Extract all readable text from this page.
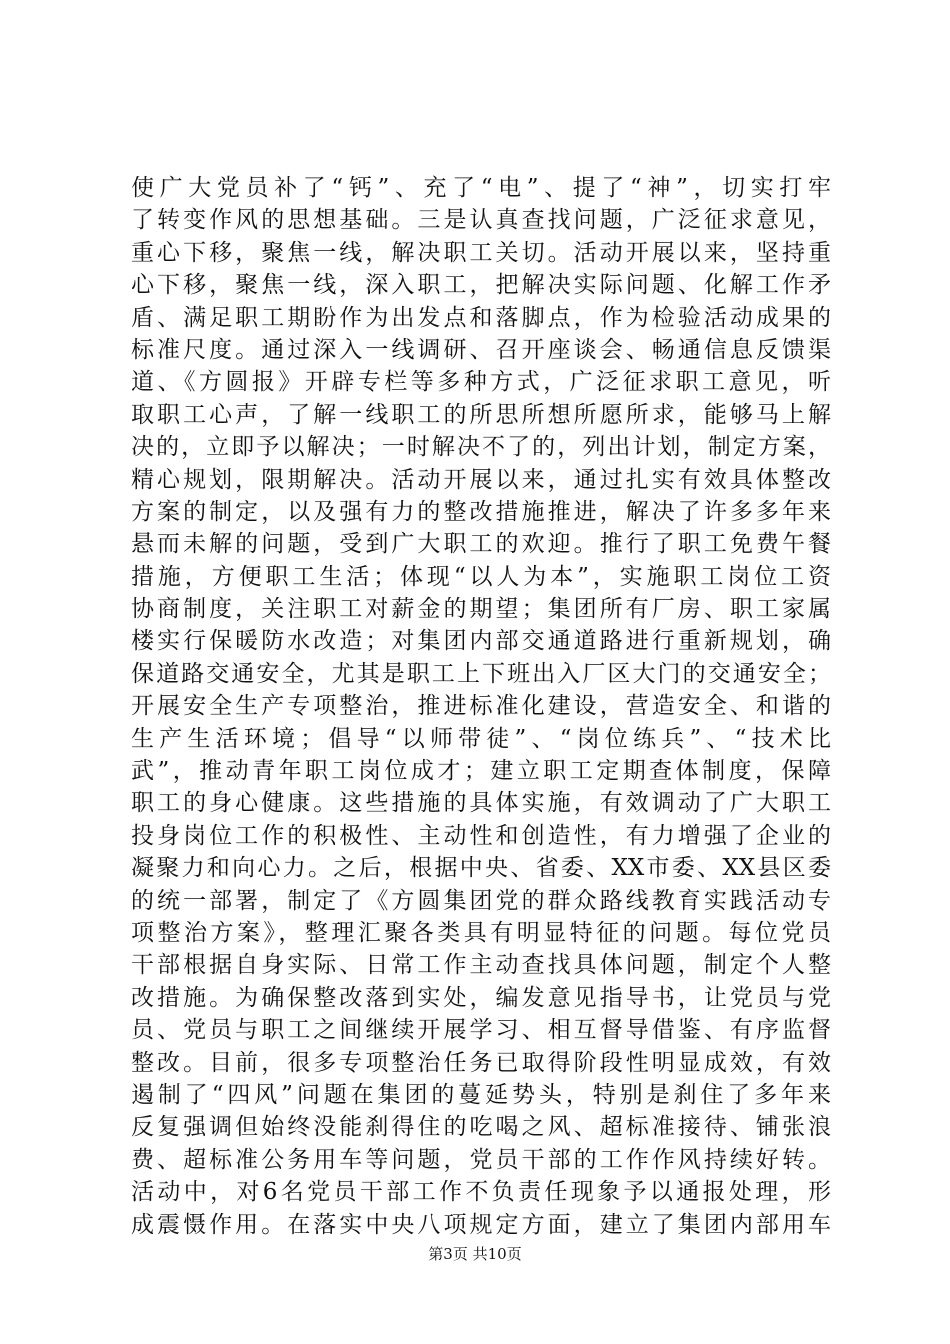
使广大党员补了“钙”、充了“电”、提了“神”，切实打牢
了转变作风的思想基础。三是认真查找问题，广泛征求意见，
重心下移，聚焦一线，解决职工关切。活动开展以来，坚持重
心下移，聚焦一线，深入职工，把解决实际问题、化解工作矛
盾、满足职工期盼作为出发点和落脚点，作为检验活动成果的
标准尺度。通过深入一线调研、召开座谈会、畅通信息反馈渠
道、《方圆报》开辟专栏等多种方式，广泛征求职工意见，听
取职工心声，了解一线职工的所思所想所愿所求，能够马上解
决的，立即予以解决；一时解决不了的，列出计划，制定方案，
精心规划，限期解决。活动开展以来，通过扎实有效具体整改
方案的制定，以及强有力的整改措施推进，解决了许多多年来
悬而未解的问题，受到广大职工的欢迎。推行了职工免费午餐
措施，方便职工生活；体现“以人为本”，实施职工岗位工资
协商制度，关注职工对薪金的期望；集团所有厂房、职工家属
楼实行保暖防水改造；对集团内部交通道路进行重新规划，确
保道路交通安全，尤其是职工上下班出入厂区大门的交通安全；
开展安全生产专项整治，推进标准化建设，营造安全、和谐的
生产生活环境；倡导“以师带徒”、“岗位练兵”、“技术比
武”，推动青年职工岗位成才；建立职工定期查体制度，保障
职工的身心健康。这些措施的具体实施，有效调动了广大职工
投身岗位工作的积极性、主动性和创造性，有力增强了企业的
凝聚力和向心力。之后，根据中央、省委、XX市委、XX县区委
的统一部署，制定了《方圆集团党的群众路线教育实践活动专
项整治方案》，整理汇聚各类具有明显特征的问题。每位党员
干部根据自身实际、日常工作主动查找具体问题，制定个人整
改措施。为确保整改落到实处，编发意见指导书，让党员与党
员、党员与职工之间继续开展学习、相互督导借鉴、有序监督
整改。目前，很多专项整治任务已取得阶段性明显成效，有效
遏制了“四风”问题在集团的蔓延势头，特别是刹住了多年来
反复强调但始终没能刹得住的吃喝之风、超标准接待、铺张浪
费、超标准公务用车等问题，党员干部的工作作风持续好转。
活动中，对6名党员干部工作不负责任现象予以通报处理，形
成震慑作用。在落实中央八项规定方面，建立了集团内部用车
第3页 共10页
